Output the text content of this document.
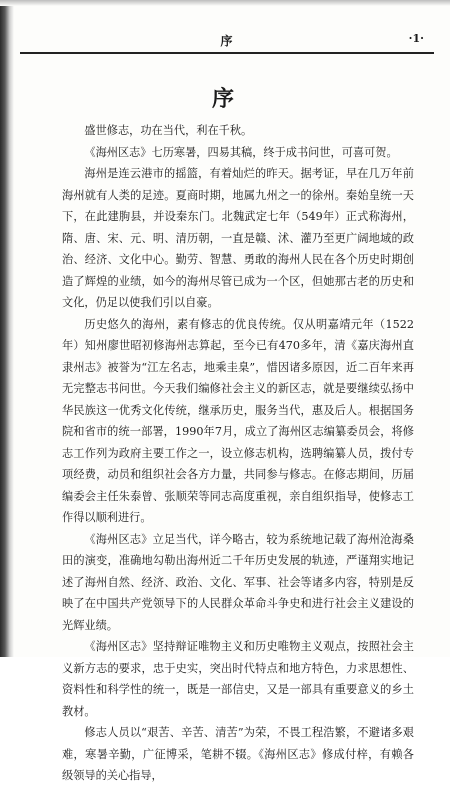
序	·1·
序

盛世修志，功在当代，利在千秋。

《海州区志》七历寒暑，四易其稿，终于成书问世，可喜可贺。

海州是连云港市的摇篮，有着灿烂的昨天。据考证，早在几万年前海州就有人类的足迹。夏商时期，地属九州之一的徐州。秦始皇统一天下，在此建朐县，并设秦东门。北魏武定七年（549年）正式称海州，隋、唐、宋、元、明、清历朝，一直是赣、沭、灌乃至更广阔地域的政治、经济、文化中心。勤劳、智慧、勇敢的海州人民在各个历史时期创造了辉煌的业绩，如今的海州尽管已成为一个区，但她那古老的历史和文化，仍足以使我们引以自豪。

历史悠久的海州，素有修志的优良传统。仅从明嘉靖元年（1522年）知州廖世昭初修海州志算起，至今已有470多年，清《嘉庆海州直隶州志》被誉为“江左名志，地乘圭臬”，惜因诸多原因，近二百年来再无完整志书问世。今天我们编修社会主义的新区志，就是要继续弘扬中华民族这一优秀文化传统，继承历史，服务当代，惠及后人。根据国务院和省市的统一部署，1990年7月，成立了海州区志编纂委员会，将修志工作列为政府主要工作之一，设立修志机构，选聘编纂人员，拨付专项经费，动员和组织社会各方力量，共同参与修志。在修志期间，历届编委会主任朱泰曾、张顺荣等同志高度重视，亲自组织指导，使修志工作得以顺利进行。

《海州区志》立足当代，详今略古，较为系统地记载了海州沧海桑田的演变，准确地勾勒出海州近二千年历史发展的轨迹，严谨翔实地记述了海州自然、经济、政治、文化、军事、社会等诸多内容，特别是反映了在中国共产党领导下的人民群众革命斗争史和进行社会主义建设的光辉业绩。

《海州区志》坚持辩证唯物主义和历史唯物主义观点，按照社会主义新方志的要求，忠于史实，突出时代特点和地方特色，力求思想性、资料性和科学性的统一，既是一部信史，又是一部具有重要意义的乡土教材。

修志人员以“艰苦、辛苦、清苦”为荣，不畏工程浩繁，不避诸多艰难，寒暑辛勤，广征博采，笔耕不辍。《海州区志》修成付梓，有赖各级领导的关心指导，
